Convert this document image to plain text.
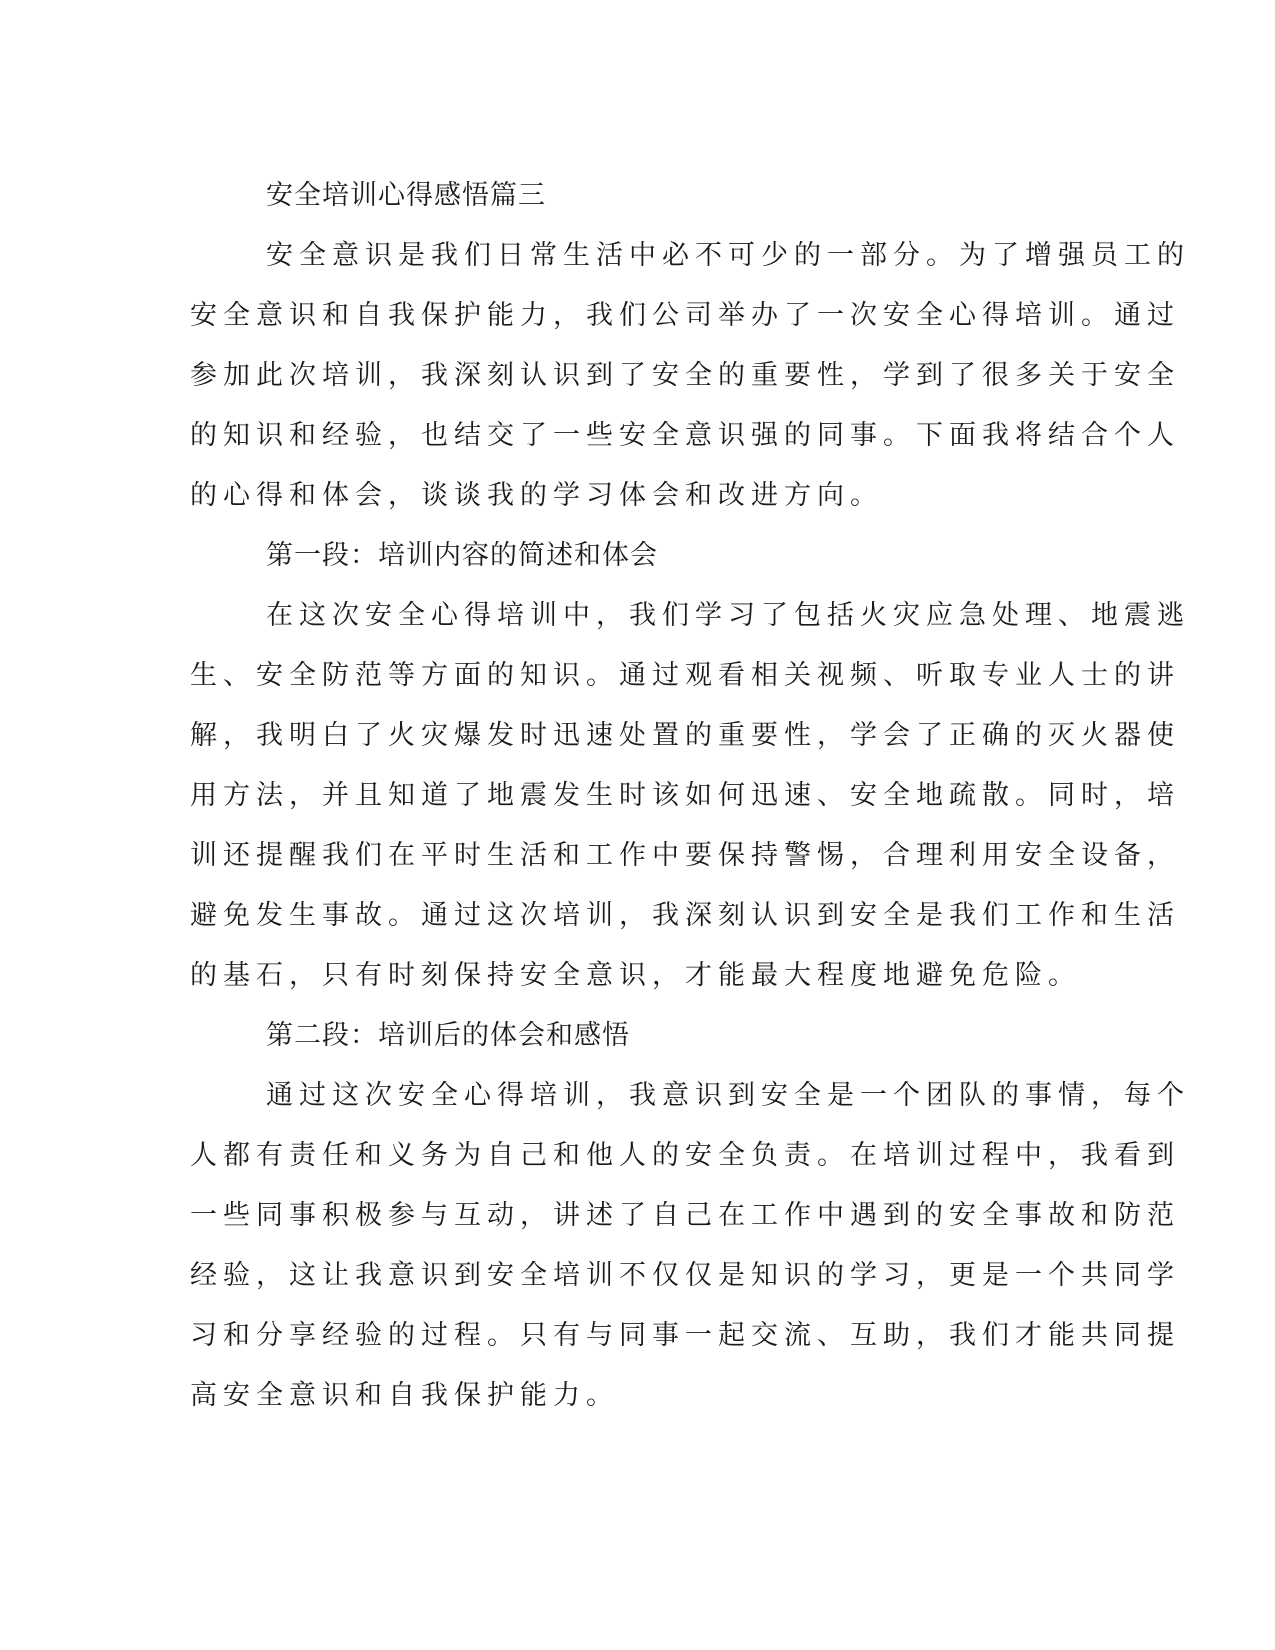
安全培训心得感悟篇三

安全意识是我们日常生活中必不可少的一部分。为了增强员工的

安全意识和自我保护能力，我们公司举办了一次安全心得培训。通过

参加此次培训，我深刻认识到了安全的重要性，学到了很多关于安全

的知识和经验，也结交了一些安全意识强的同事。下面我将结合个人

的心得和体会，谈谈我的学习体会和改进方向。

第一段：培训内容的简述和体会

在这次安全心得培训中，我们学习了包括火灾应急处理、地震逃

生、安全防范等方面的知识。通过观看相关视频、听取专业人士的讲

解，我明白了火灾爆发时迅速处置的重要性，学会了正确的灭火器使

用方法，并且知道了地震发生时该如何迅速、安全地疏散。同时，培

训还提醒我们在平时生活和工作中要保持警惕，合理利用安全设备，

避免发生事故。通过这次培训，我深刻认识到安全是我们工作和生活

的基石，只有时刻保持安全意识，才能最大程度地避免危险。

第二段：培训后的体会和感悟

通过这次安全心得培训，我意识到安全是一个团队的事情，每个

人都有责任和义务为自己和他人的安全负责。在培训过程中，我看到

一些同事积极参与互动，讲述了自己在工作中遇到的安全事故和防范

经验，这让我意识到安全培训不仅仅是知识的学习，更是一个共同学

习和分享经验的过程。只有与同事一起交流、互助，我们才能共同提

高安全意识和自我保护能力。
